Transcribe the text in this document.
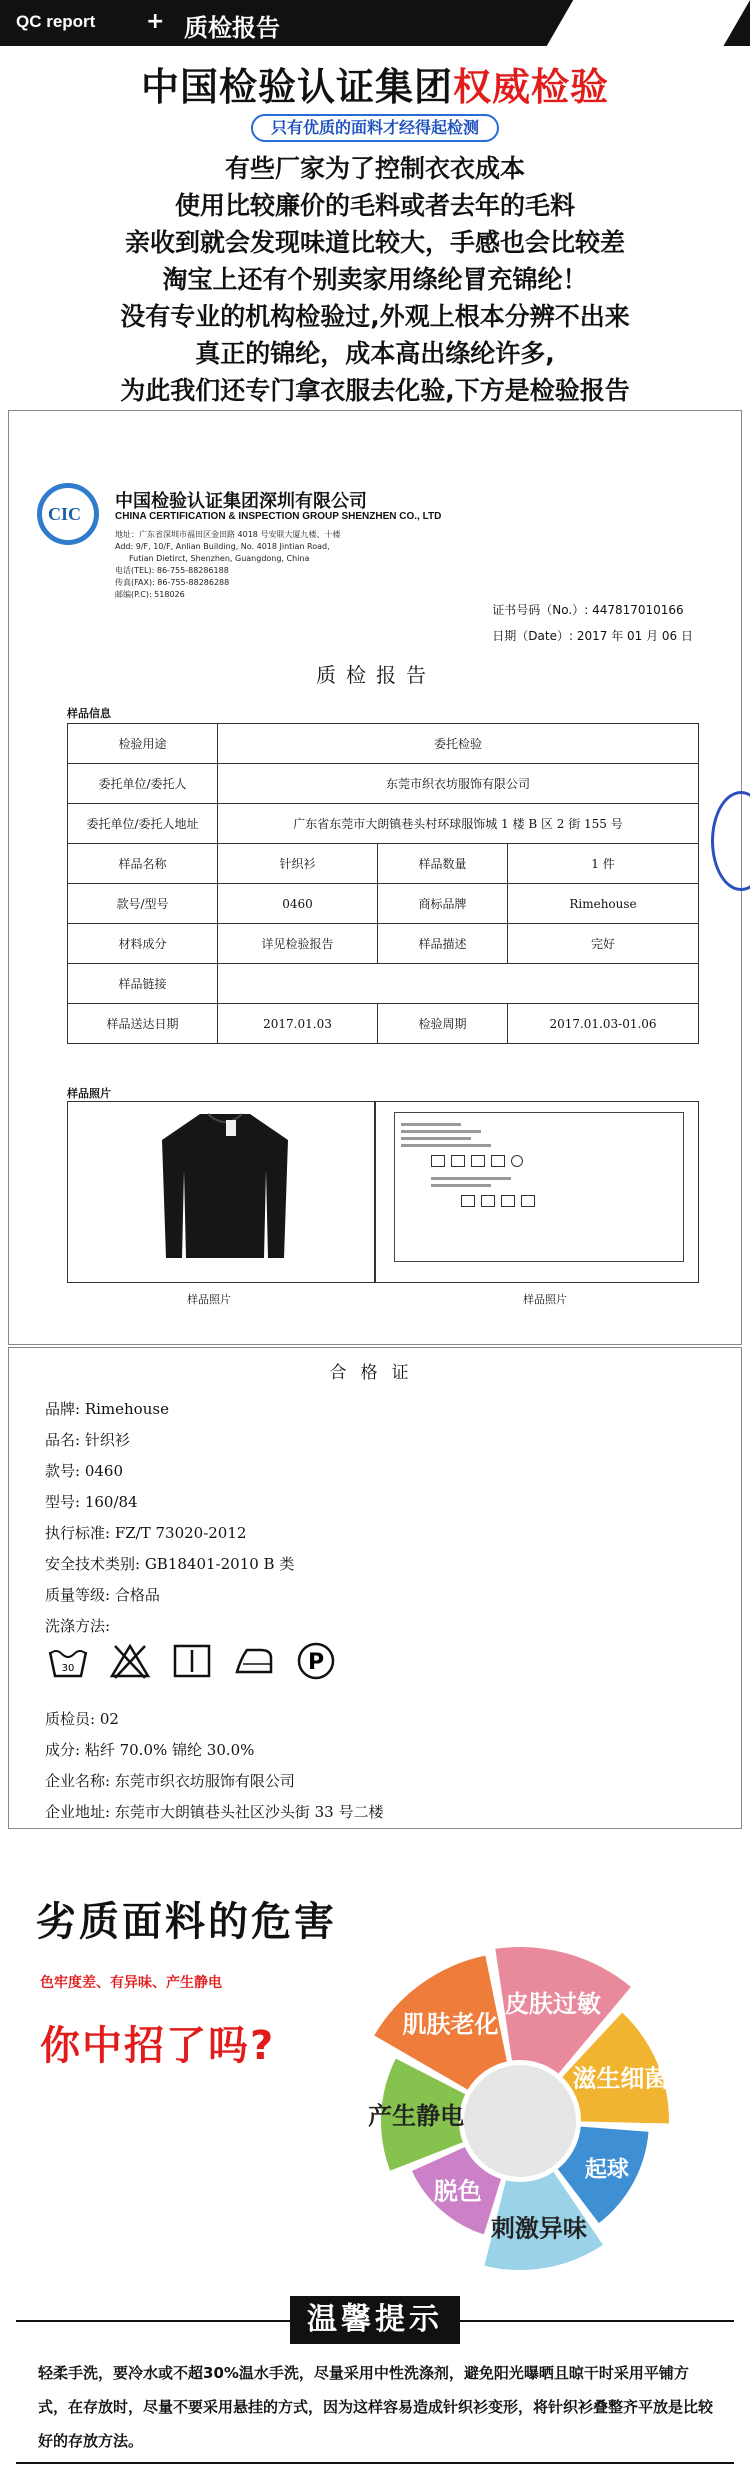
QC report + 质检报告
中国检验认证集团权威检验
只有优质的面料才经得起检测
有些厂家为了控制衣衣成本
使用比较廉价的毛料或者去年的毛料
亲收到就会发现味道比较大，手感也会比较差
淘宝上还有个别卖家用绦纶冒充锦纶！
没有专业的机构检验过,外观上根本分辨不出来
真正的锦纶，成本高出绦纶许多,
为此我们还专门拿衣服去化验,下方是检验报告
CIC
中国检验认证集团深圳有限公司
CHINA CERTIFICATION & INSPECTION GROUP SHENZHEN CO., LTD
地址：广东省深圳市福田区金田路 4018 号安联大厦九楼、十楼
Add: 9/F, 10/F, Anlian Building, No. 4018 Jintian Road,
Futian Dietirct, Shenzhen, Guangdong, China
电话(TEL): 86-755-88286188
传真(FAX): 86-755-88286288
邮编(P.C): 518026
证书号码（No.）: 447817010166
日期（Date）: 2017 年 01 月 06 日
质检报告
样品信息
检验用途	委托检验		
委托单位/委托人	东莞市织衣坊服饰有限公司		
委托单位/委托人地址	广东省东莞市大朗镇巷头村环球服饰城 1 楼 B 区 2 街 155 号		
样品名称	针织衫	样品数量	1 件
款号/型号	0460	商标品牌	Rimehouse
材料成分	详见检验报告	样品描述	完好
样品链接			
样品送达日期	2017.01.03	检验周期	2017.01.03-01.06
样品照片
样品照片	样品照片
合格证
品牌: Rimehouse
品名: 针织衫
款号: 0460
型号: 160/84
执行标准: FZ/T 73020-2012
安全技术类别: GB18401-2010 B 类
质量等级: 合格品
洗涤方法:
质检员: 02
成分: 粘纤 70.0% 锦纶 30.0%
企业名称: 东莞市织衣坊服饰有限公司
企业地址: 东莞市大朗镇巷头社区沙头街 33 号二楼
30	P
劣质面料的危害
色牢度差、有异味、产生静电
你中招了吗?
皮肤过敏
滋生细菌
起球
刺激异味
脱色
产生静电
肌肤老化
温馨提示
轻柔手洗，要冷水或不超30%温水手洗，尽量采用中性洗涤剂，避免阳光曝晒且晾干时采用平铺方式，在存放时，尽量不要采用悬挂的方式，因为这样容易造成针织衫变形，将针织衫叠整齐平放是比较好的存放方法。
